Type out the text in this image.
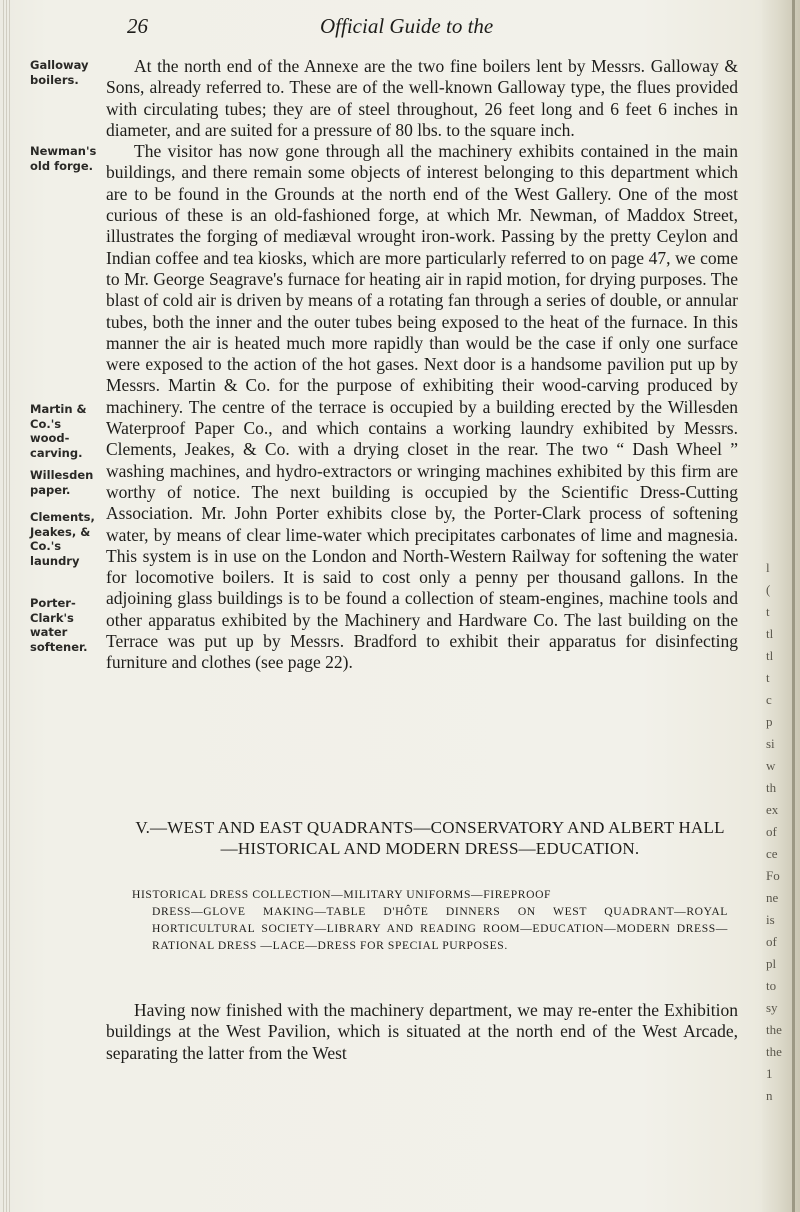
26	Official Guide to the
Galloway boilers.
Newman's old forge.
Martin & Co.'s wood-carving.
Willesden paper.
Clements, Jeakes, & Co.'s laundry
Porter-Clark's water softener.

At the north end of the Annexe are the two fine boilers lent by Messrs. Galloway & Sons, already referred to. These are of the well-known Galloway type, the flues provided with circulating tubes; they are of steel throughout, 26 feet long and 6 feet 6 inches in diameter, and are suited for a pressure of 80 lbs. to the square inch.

The visitor has now gone through all the machinery exhibits contained in the main buildings, and there remain some objects of interest belonging to this department which are to be found in the Grounds at the north end of the West Gallery. One of the most curious of these is an old-fashioned forge, at which Mr. Newman, of Maddox Street, illustrates the forging of mediæval wrought iron-work. Passing by the pretty Ceylon and Indian coffee and tea kiosks, which are more particularly referred to on page 47, we come to Mr. George Seagrave's furnace for heating air in rapid motion, for drying purposes. The blast of cold air is driven by means of a rotating fan through a series of double, or annular tubes, both the inner and the outer tubes being exposed to the heat of the furnace. In this manner the air is heated much more rapidly than would be the case if only one surface were exposed to the action of the hot gases. Next door is a handsome pavilion put up by Messrs. Martin & Co. for the purpose of exhibiting their wood-carving produced by machinery. The centre of the terrace is occupied by a building erected by the Willesden Waterproof Paper Co., and which contains a working laundry exhibited by Messrs. Clements, Jeakes, & Co. with a drying closet in the rear. The two “ Dash Wheel ” washing machines, and hydro-extractors or wringing machines exhibited by this firm are worthy of notice. The next building is occupied by the Scientific Dress-Cutting Association. Mr. John Porter exhibits close by, the Porter-Clark process of softening water, by means of clear lime-water which precipitates carbonates of lime and magnesia. This system is in use on the London and North-Western Railway for softening the water for locomotive boilers. It is said to cost only a penny per thousand gallons. In the adjoining glass buildings is to be found a collection of steam-engines, machine tools and other apparatus exhibited by the Machinery and Hardware Co. The last building on the Terrace was put up by Messrs. Bradford to exhibit their apparatus for disinfecting furniture and clothes (see page 22).

V.—WEST AND EAST QUADRANTS—CONSERVATORY AND ALBERT HALL—HISTORICAL AND MODERN DRESS—EDUCATION.
HISTORICAL DRESS COLLECTION—MILITARY UNIFORMS—FIREPROOF
DRESS—GLOVE MAKING—TABLE D'HÔTE DINNERS ON WEST QUADRANT—ROYAL HORTICULTURAL SOCIETY—LIBRARY AND READING ROOM—EDUCATION—MODERN DRESS—RATIONAL DRESS —LACE—DRESS FOR SPECIAL PURPOSES.

Having now finished with the machinery department, we may re-enter the Exhibition buildings at the West Pavilion, which is situated at the north end of the West Arcade, separating the latter from the West

l
(
t
tl
tl
t
c
p
si
w
th
ex
of
ce
Fo
ne
is
of
pl
to
sy
the
the
1
n
